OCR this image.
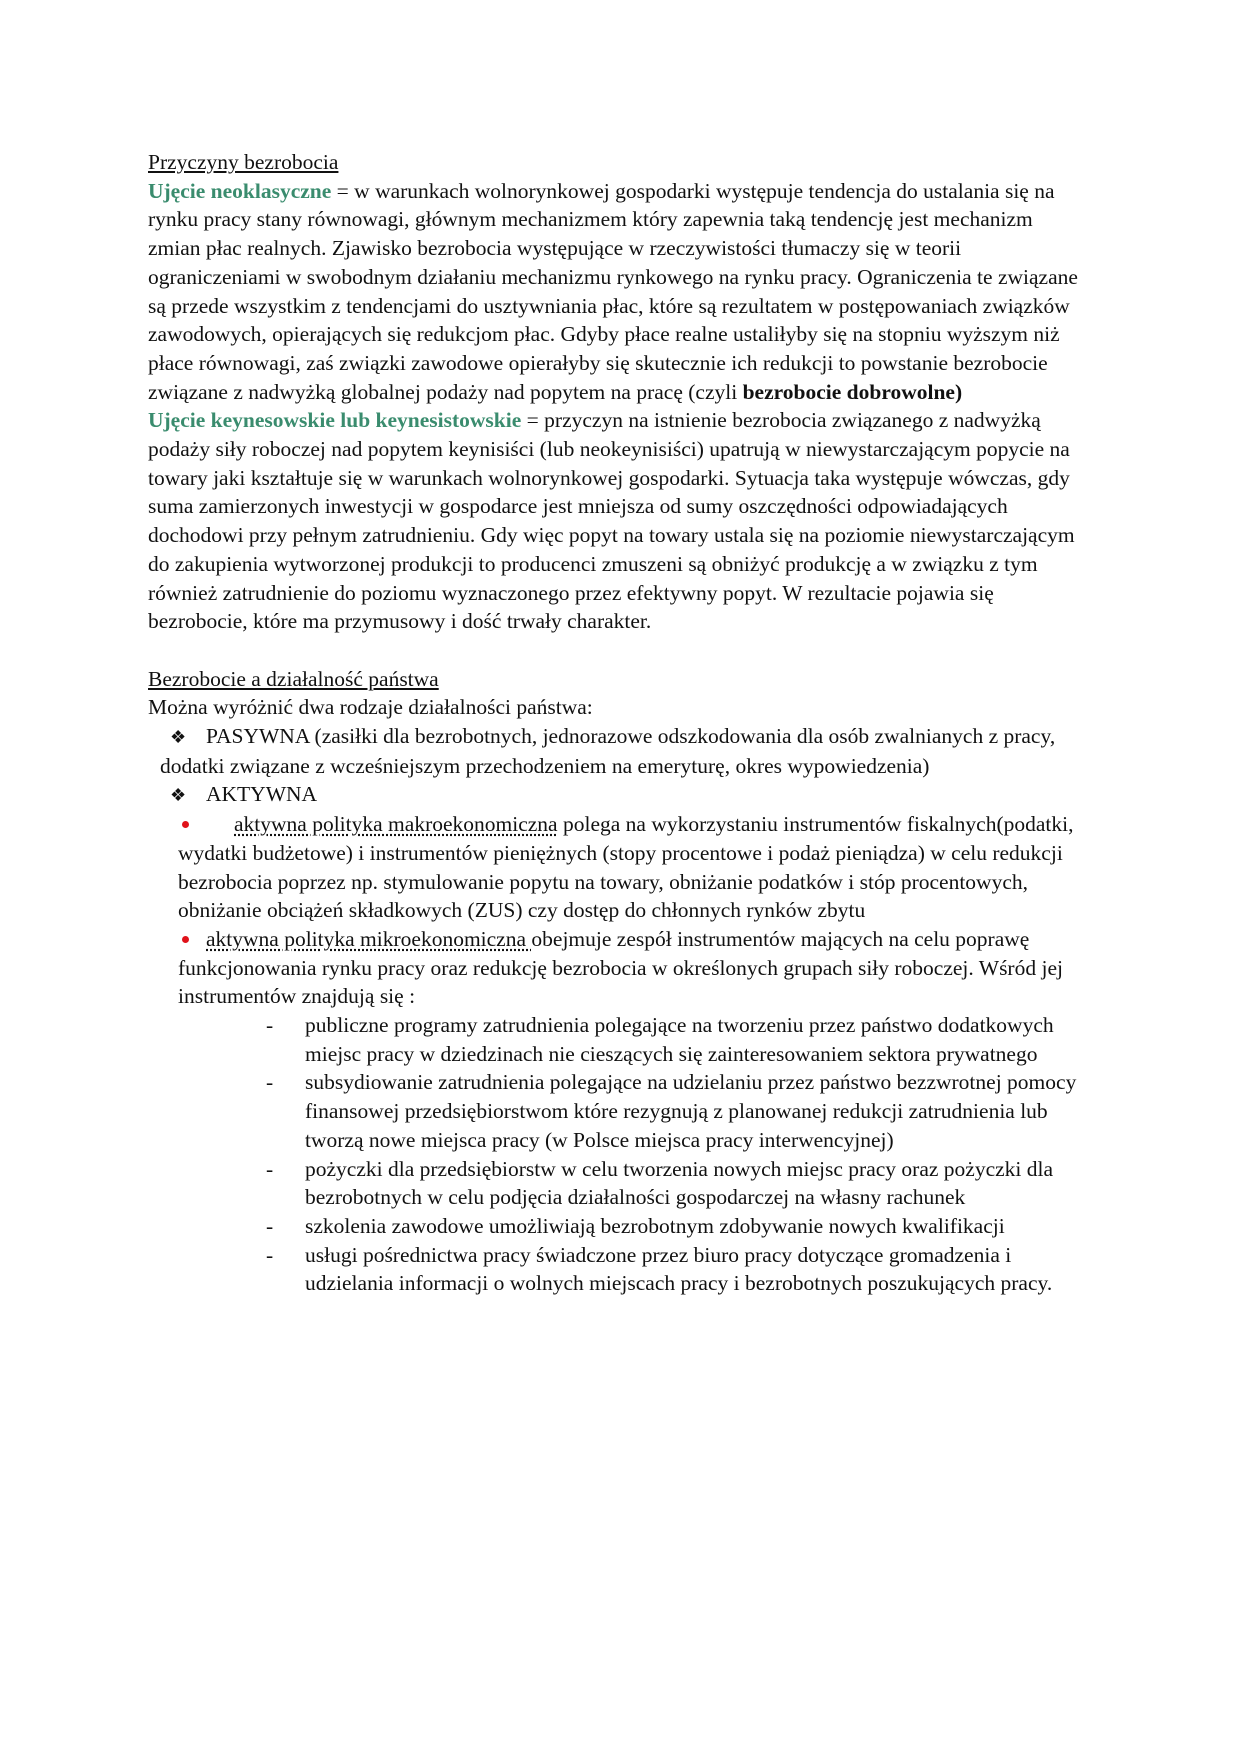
Przyczyny bezrobocia

Ujęcie neoklasyczne = w warunkach wolnorynkowej gospodarki występuje tendencja do ustalania się na rynku pracy stany równowagi, głównym mechanizmem który zapewnia taką tendencję jest mechanizm zmian płac realnych. Zjawisko bezrobocia występujące w rzeczywistości tłumaczy się w teorii ograniczeniami w swobodnym działaniu mechanizmu rynkowego na rynku pracy. Ograniczenia te związane są przede wszystkim z tendencjami do usztywniania płac, które są rezultatem w postępowaniach związków zawodowych, opierających się redukcjom płac. Gdyby płace realne ustaliłyby się na stopniu wyższym niż płace równowagi, zaś związki zawodowe opierałyby się skutecznie ich redukcji to powstanie bezrobocie związane z nadwyżką globalnej podaży nad popytem na pracę (czyli bezrobocie dobrowolne)

Ujęcie keynesowskie lub keynesistowskie = przyczyn na istnienie bezrobocia związanego z nadwyżką podaży siły roboczej nad popytem keynisiści (lub neokeynisiści) upatrują w niewystarczającym popycie na towary jaki kształtuje się w warunkach wolnorynkowej gospodarki. Sytuacja taka występuje wówczas, gdy suma zamierzonych inwestycji w gospodarce jest mniejsza od sumy oszczędności odpowiadających dochodowi przy pełnym zatrudnieniu. Gdy więc popyt na towary ustala się na poziomie niewystarczającym do zakupienia wytworzonej produkcji to producenci zmuszeni są obniżyć produkcję a w związku z tym również zatrudnienie do poziomu wyznaczonego przez efektywny popyt. W rezultacie pojawia się bezrobocie, które ma przymusowy i dość trwały charakter.

Bezrobocie a działalność państwa

Można wyróżnić dwa rodzaje działalności państwa:

❖ PASYWNA (zasiłki dla bezrobotnych, jednorazowe odszkodowania dla osób zwalnianych z pracy, dodatki związane z wcześniejszym przechodzeniem na emeryturę, okres wypowiedzenia)

❖ AKTYWNA

aktywna polityka makroekonomiczna polega na wykorzystaniu instrumentów fiskalnych(podatki, wydatki budżetowe) i instrumentów pieniężnych (stopy procentowe i podaż pieniądza) w celu redukcji bezrobocia poprzez np. stymulowanie popytu na towary, obniżanie podatków i stóp procentowych, obniżanie obciążeń składkowych (ZUS) czy dostęp do chłonnych rynków zbytu

aktywna polityka mikroekonomiczna obejmuje zespół instrumentów mających na celu poprawę funkcjonowania rynku pracy oraz redukcję bezrobocia w określonych grupach siły roboczej. Wśród jej instrumentów znajdują się :

- publiczne programy zatrudnienia polegające na tworzeniu przez państwo dodatkowych miejsc pracy w dziedzinach nie cieszących się zainteresowaniem sektora prywatnego

- subsydiowanie zatrudnienia polegające na udzielaniu przez państwo bezzwrotnej pomocy finansowej przedsiębiorstwom które rezygnują z planowanej redukcji zatrudnienia lub tworzą nowe miejsca pracy (w Polsce miejsca pracy interwencyjnej)

- pożyczki dla przedsiębiorstw w celu tworzenia nowych miejsc pracy oraz pożyczki dla bezrobotnych w celu podjęcia działalności gospodarczej na własny rachunek

- szkolenia zawodowe umożliwiają bezrobotnym zdobywanie nowych kwalifikacji

- usługi pośrednictwa pracy świadczone przez biuro pracy dotyczące gromadzenia i udzielania informacji o wolnych miejscach pracy i bezrobotnych poszukujących pracy.
